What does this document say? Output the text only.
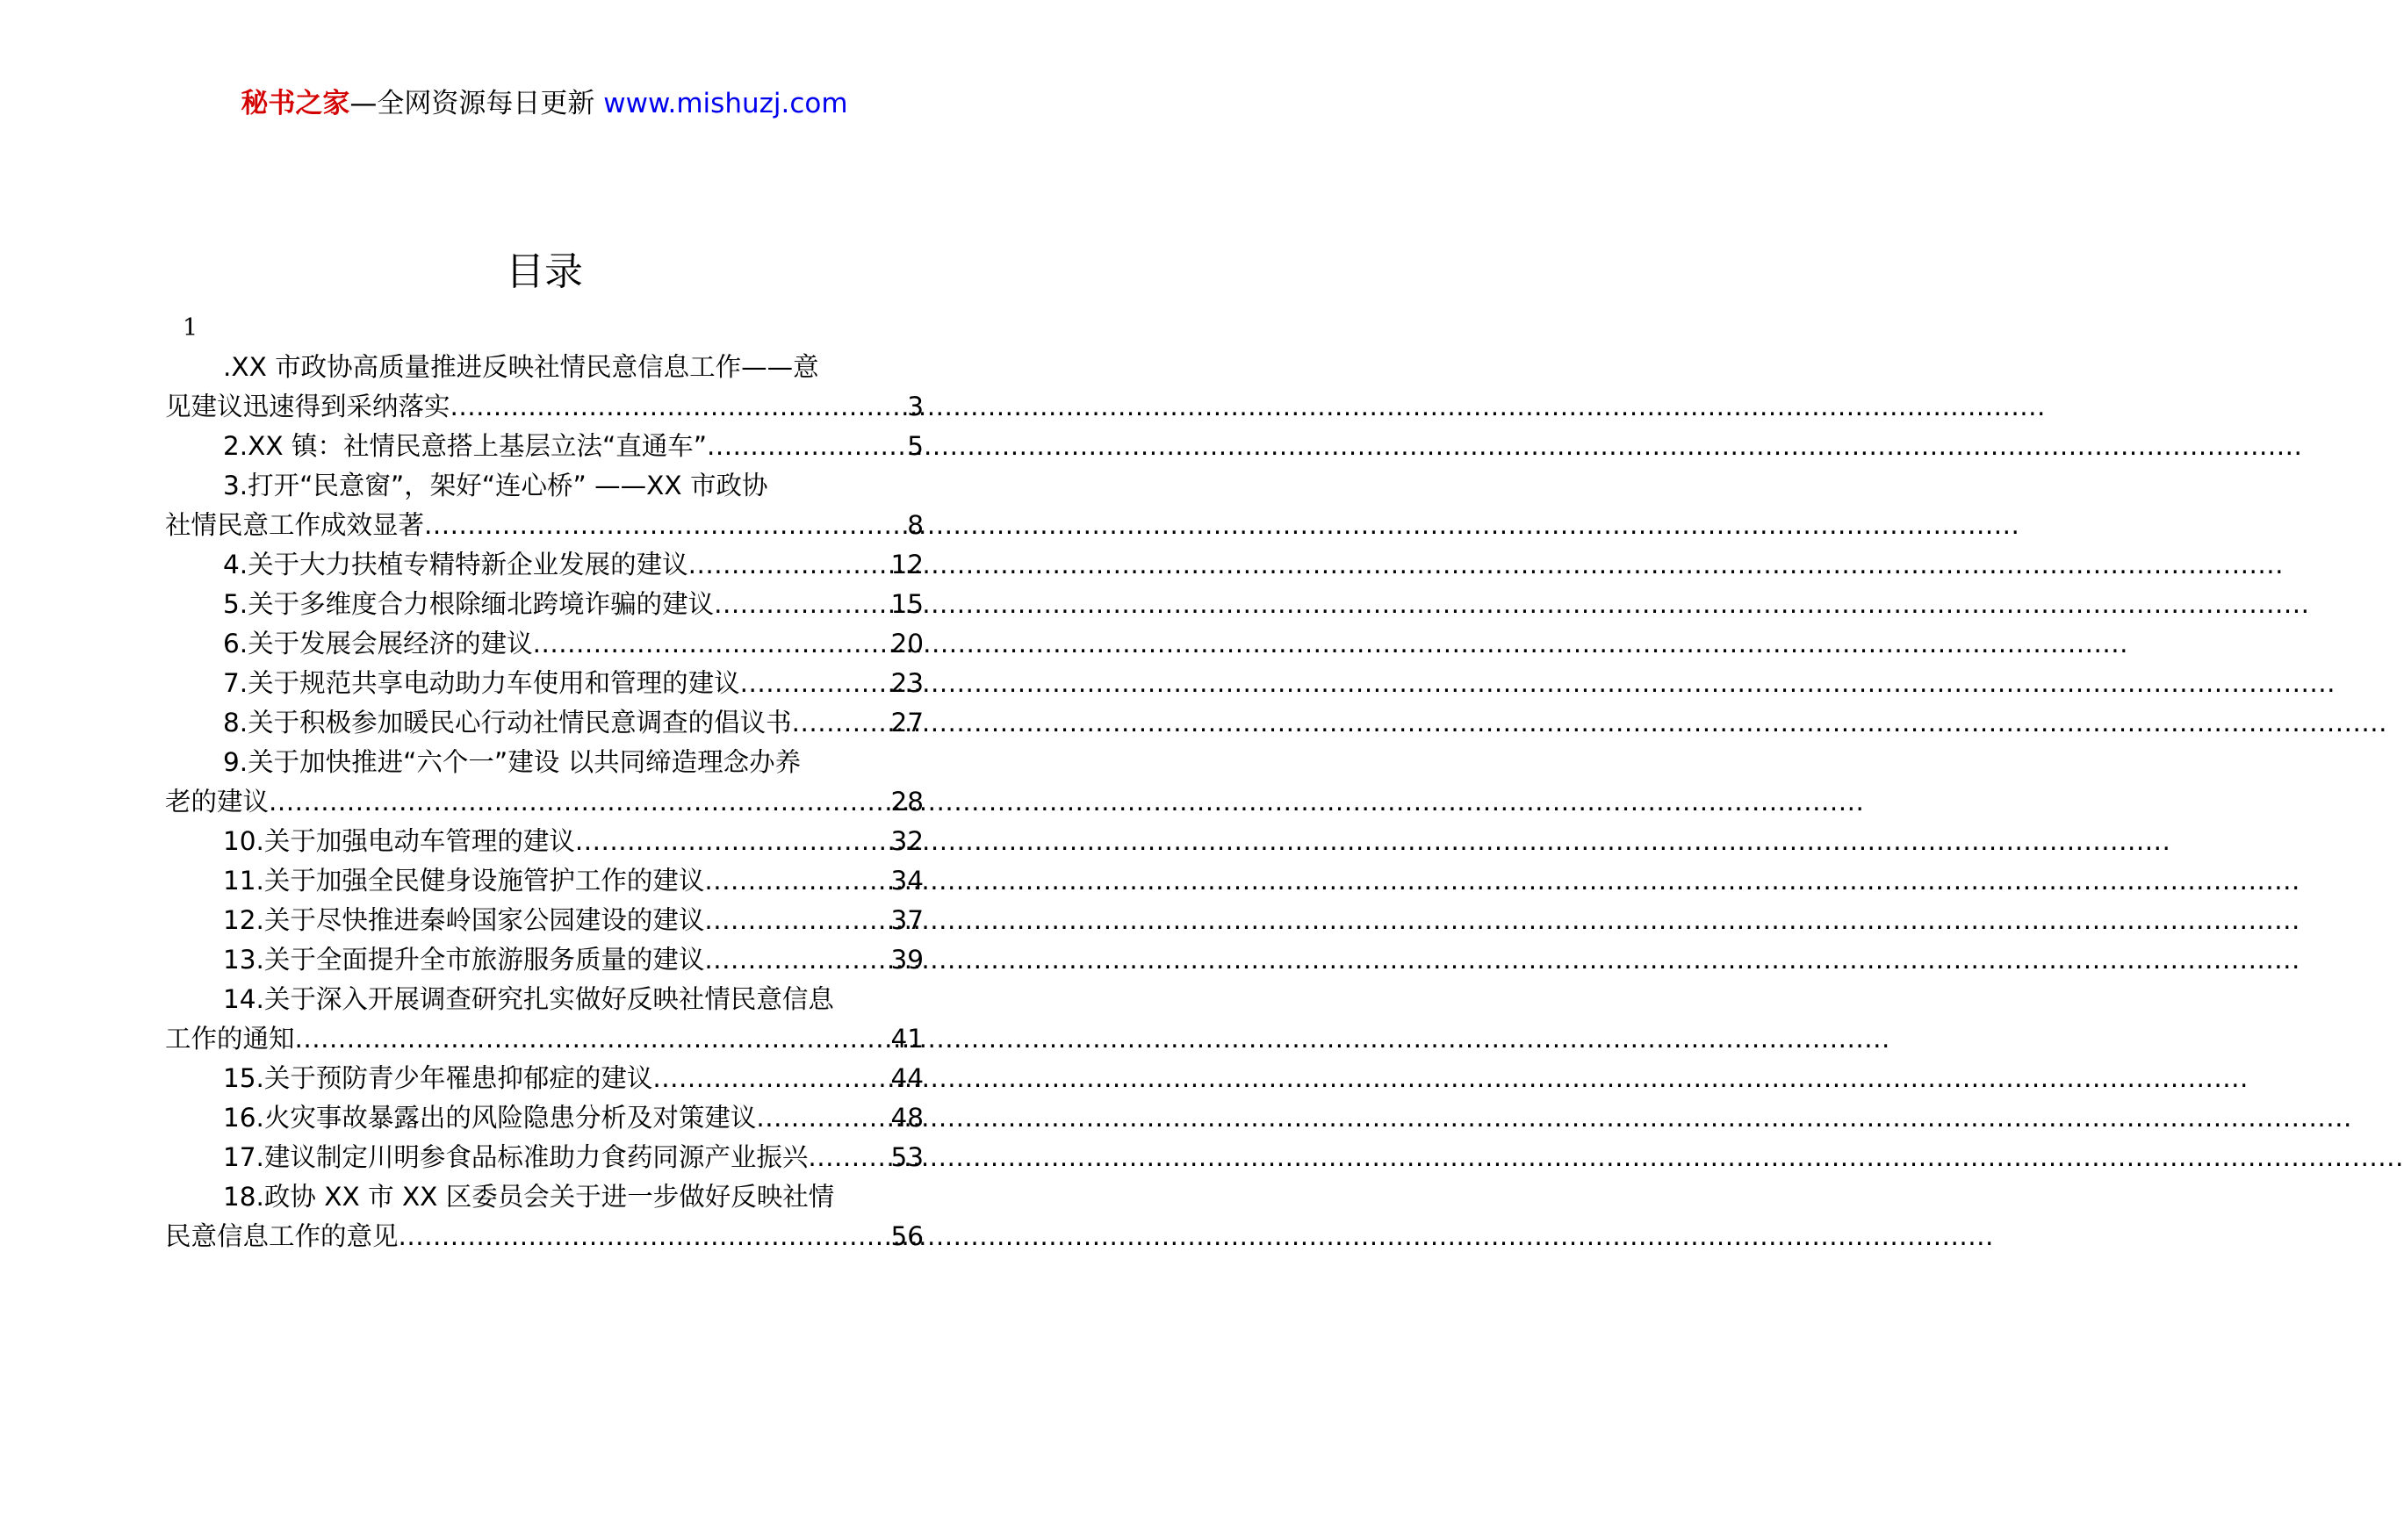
秘书之家—全网资源每日更新 www.mishuzj.com
目录
1
.XX 市政协高质量推进反映社情民意信息工作——意
见建议迅速得到采纳落实 .....	3
2.XX 镇：社情民意搭上基层立法“直通车” .....	5
3.打开“民意窗”，架好“连心桥” ——XX 市政协
社情民意工作成效显著 .....	8
4.关于大力扶植专精特新企业发展的建议 .....	12
5.关于多维度合力根除缅北跨境诈骗的建议 .....	15
6.关于发展会展经济的建议 .....	20
7.关于规范共享电动助力车使用和管理的建议 .....	23
8.关于积极参加暖民心行动社情民意调查的倡议书 .....	27
9.关于加快推进“六个一”建设 以共同缔造理念办养
老的建议 .....	28
10.关于加强电动车管理的建议 .....	32
11.关于加强全民健身设施管护工作的建议 .....	34
12.关于尽快推进秦岭国家公园建设的建议 .....	37
13.关于全面提升全市旅游服务质量的建议 .....	39
14.关于深入开展调查研究扎实做好反映社情民意信息
工作的通知 .....	41
15.关于预防青少年罹患抑郁症的建议 .....	44
16.火灾事故暴露出的风险隐患分析及对策建议 .....	48
17.建议制定川明参食品标准助力食药同源产业振兴 .....	53
18.政协 XX 市 XX 区委员会关于进一步做好反映社情
民意信息工作的意见 .....	56
